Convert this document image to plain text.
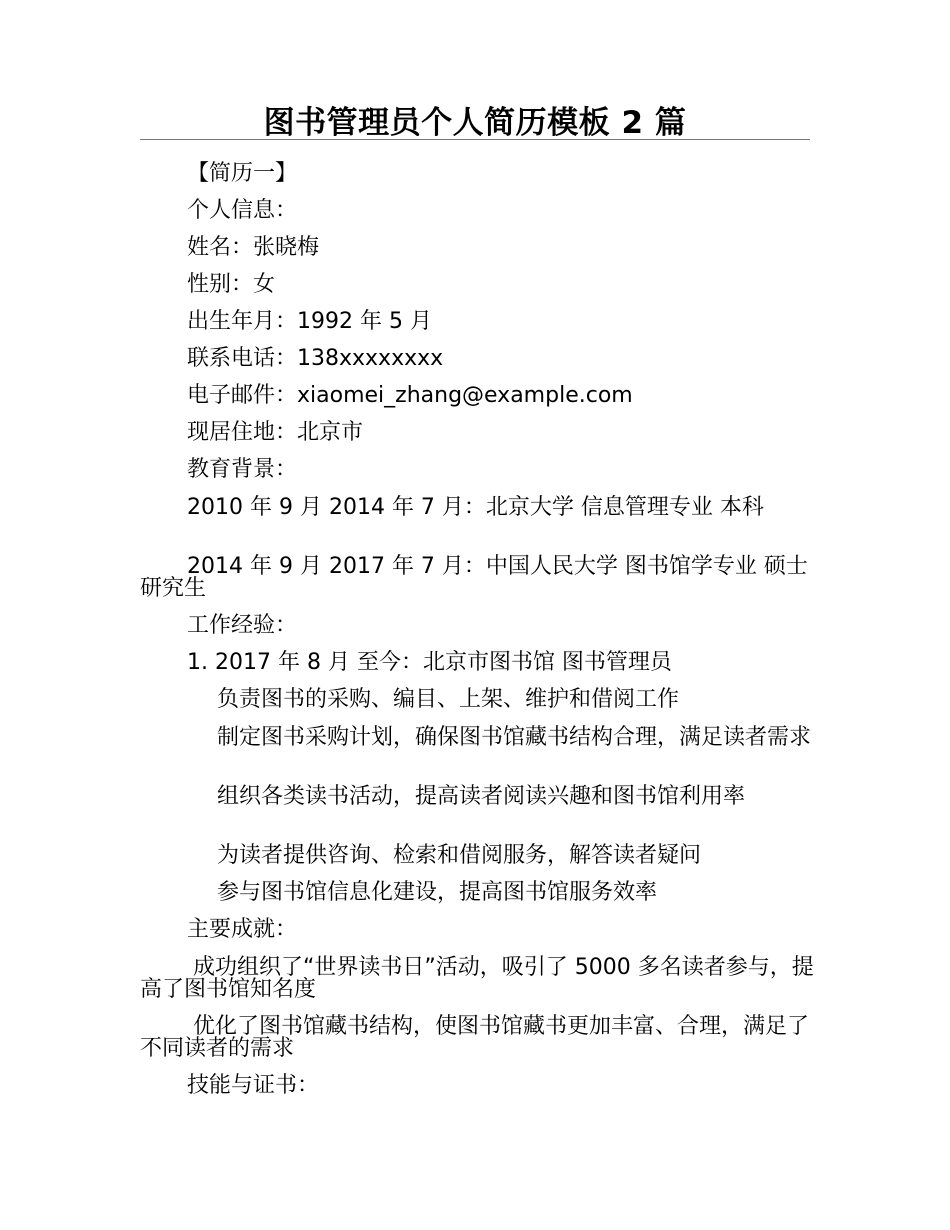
图书管理员个人简历模板 2 篇

【简历一】

个人信息：

姓名：张晓梅

性别：女

出生年月：1992 年 5 月

联系电话：138xxxxxxxx

电子邮件：xiaomei_zhang@example.com

现居住地：北京市

教育背景：

2010 年 9 月 2014 年 7 月：北京大学 信息管理专业 本科

2014 年 9 月 2017 年 7 月：中国人民大学 图书馆学专业 硕士研究生

工作经验：

1. 2017 年 8 月 至今：北京市图书馆 图书管理员

负责图书的采购、编目、上架、维护和借阅工作

制定图书采购计划，确保图书馆藏书结构合理，满足读者需求

组织各类读书活动，提高读者阅读兴趣和图书馆利用率

为读者提供咨询、检索和借阅服务，解答读者疑问

参与图书馆信息化建设，提高图书馆服务效率

主要成就：

成功组织了“世界读书日”活动，吸引了 5000 多名读者参与，提高了图书馆知名度

优化了图书馆藏书结构，使图书馆藏书更加丰富、合理，满足了不同读者的需求

技能与证书：
